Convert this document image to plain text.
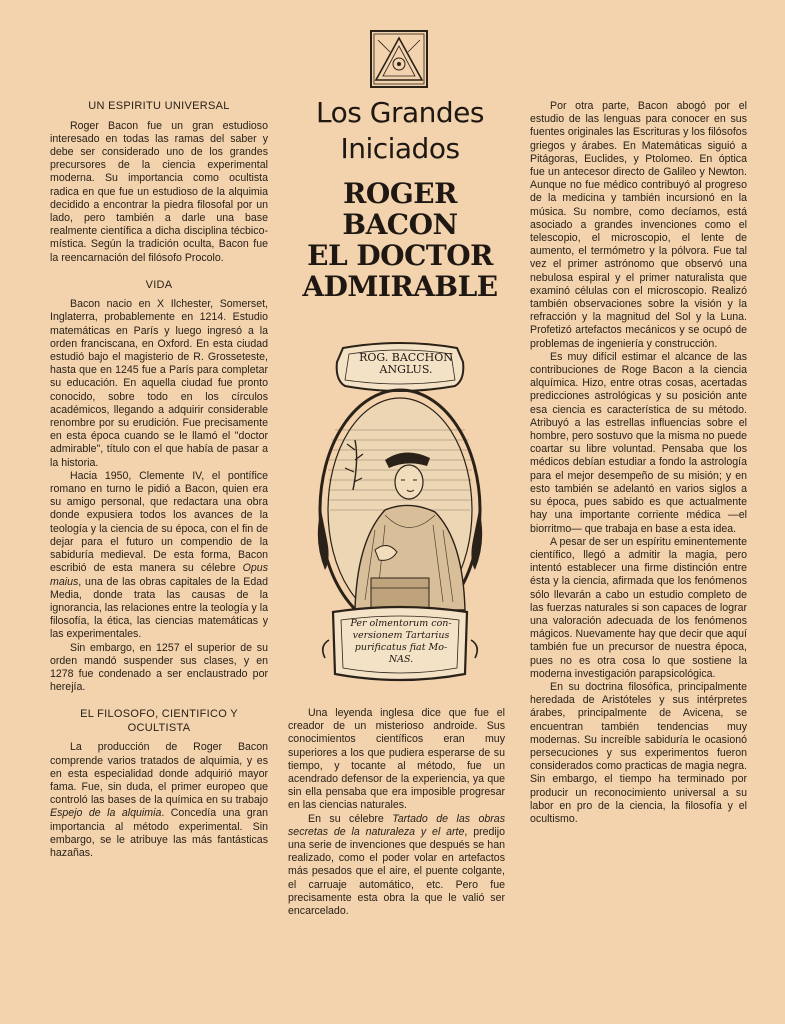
Los Grandes
Iniciados
ROGER
BACON
EL DOCTOR
ADMIRABLE
ROG. BACCHON
ANGLUS.
Per olmentorum con-
versionem Tartarius
purificatus fiat Mo-
NAS.
UN ESPIRITU UNIVERSAL

Roger Bacon fue un gran estudioso interesado en todas las ramas del saber y debe ser considerado uno de los grandes precursores de la ciencia experimental moderna. Su importancia como ocultista radica en que fue un estudioso de la alquimia decidido a encontrar la piedra filosofal por un lado, pero también a darle una base realmente científica a dicha disciplina técbico-mística. Según la tradición oculta, Bacon fue la reencarnación del filósofo Procolo.

VIDA

Bacon nacio en X Ilchester, Somerset, Inglaterra, probablemente en 1214. Estudio matemáticas en París y luego ingresó a la orden franciscana, en Oxford. En esta ciudad estudió bajo el magisterio de R. Grosseteste, hasta que en 1245 fue a París para completar su educación. En aquella ciudad fue pronto conocido, sobre todo en los círculos académicos, llegando a adquirir considerable renombre por su erudición. Fue precisamente en esta época cuando se le llamó el "doctor admirable", título con el que había de pasar a la historia.

Hacia 1950, Clemente IV, el pontífice romano en turno le pidió a Bacon, quien era su amigo personal, que redactara una obra donde expusiera todos los avances de la teología y la ciencia de su época, con el fin de dejar para el futuro un compendio de la sabiduría medieval. De esta forma, Bacon escribió de esta manera su célebre Opus maius, una de las obras capitales de la Edad Media, donde trata las causas de la ignorancia, las relaciones entre la teología y la filosofía, la ética, las ciencias matemáticas y las experimentales.

Sin embargo, en 1257 el superior de su orden mandó suspender sus clases, y en 1278 fue condenado a ser enclaustrado por herejía.

EL FILOSOFO, CIENTIFICO Y OCULTISTA

La producción de Roger Bacon comprende varios tratados de alquimia, y es en esta especialidad donde adquirió mayor fama. Fue, sin duda, el primer europeo que controló las bases de la química en su trabajo Espejo de la alquimia. Concedía una gran importancia al método experimental. Sin embargo, se le atribuye las más fantásticas hazañas.

Una leyenda inglesa dice que fue el creador de un misterioso androide. Sus conocimientos científicos eran muy superiores a los que pudiera esperarse de su tiempo, y tocante al método, fue un acendrado defensor de la experiencia, ya que sin ella pensaba que era imposible progresar en las ciencias naturales.

En su célebre Tartado de las obras secretas de la naturaleza y el arte, predijo una serie de invenciones que después se han realizado, como el poder volar en artefactos más pesados que el aire, el puente colgante, el carruaje automático, etc. Pero fue precisamente esta obra la que le valió ser encarcelado.

Por otra parte, Bacon abogó por el estudio de las lenguas para conocer en sus fuentes originales las Escrituras y los filósofos griegos y árabes. En Matemáticas siguió a Pitágoras, Euclides, y Ptolomeo. En óptica fue un antecesor directo de Galileo y Newton. Aunque no fue médico contribuyó al progreso de la medicina y también incursionó en la música. Su nombre, como decíamos, está asociado a grandes invenciones como el telescopio, el microscopio, el lente de aumento, el termómetro y la pólvora. Fue tal vez el primer astrónomo que observó una nebulosa espiral y el primer naturalista que examinó células con el microscopio. Realizó también observaciones sobre la visión y la refracción y la magnitud del Sol y la Luna. Profetizó artefactos mecánicos y se ocupó de problemas de ingeniería y construcción.

Es muy difícil estimar el alcance de las contribuciones de Roge Bacon a la ciencia alquímica. Hizo, entre otras cosas, acertadas predicciones astrológicas y su posición ante esa ciencia es característica de su método. Atribuyó a las estrellas influencias sobre el hombre, pero sostuvo que la misma no puede coartar su libre voluntad. Pensaba que los médicos debían estudiar a fondo la astrología para el mejor desempeño de su misión; y en esto también se adelantó en varios siglos a su época, pues sabido es que actualmente hay una importante corriente médica —el biorritmo— que trabaja en base a esta idea.

A pesar de ser un espíritu eminentemente científico, llegó a admitir la magia, pero intentó establecer una firme distinción entre ésta y la ciencia, afirmada que los fenómenos sólo llevarán a cabo un estudio completo de las fuerzas naturales si son capaces de lograr una valoración adecuada de los fenómenos mágicos. Nuevamente hay que decir que aquí también fue un precursor de nuestra época, pues no es otra cosa lo que sostiene la moderna investigación parapsicológica.

En su doctrina filosófica, principalmente heredada de Aristóteles y sus intérpretes árabes, principalmente de Avicena, se encuentran también tendencias muy modernas. Su increíble sabiduría le ocasionó persecuciones y sus experimentos fueron considerados como practicas de magia negra. Sin embargo, el tiempo ha terminado por producir un reconocimiento universal a su labor en pro de la ciencia, la filosofía y el ocultismo.
